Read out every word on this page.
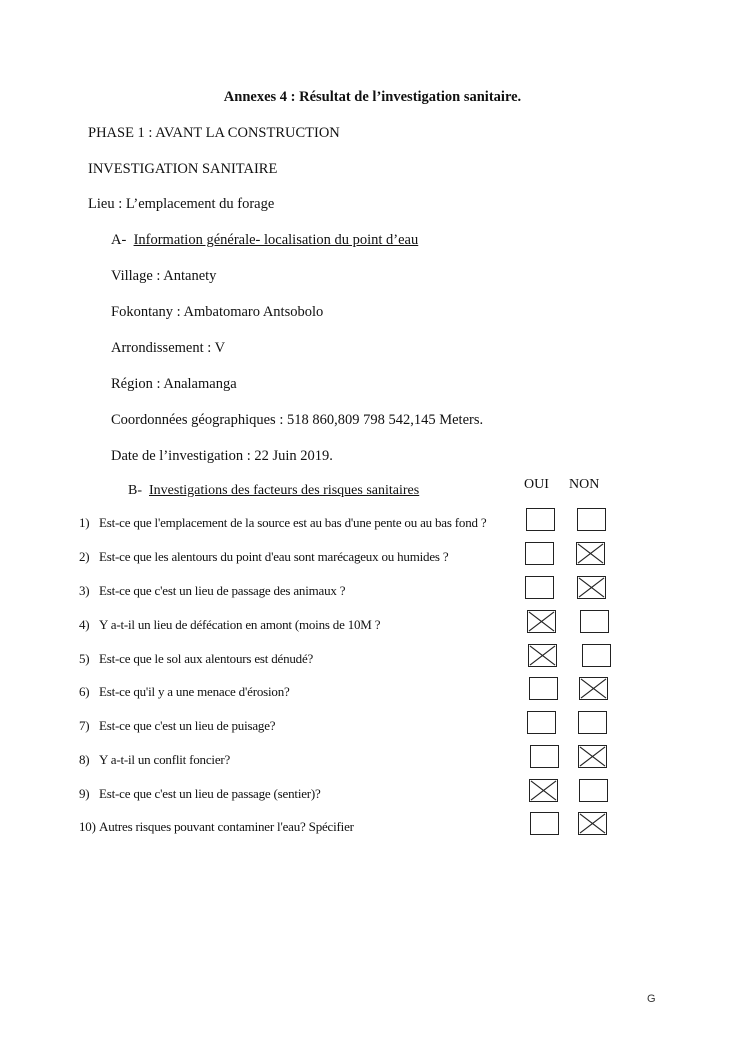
Annexes 4 : Résultat de l’investigation sanitaire.
PHASE 1 : AVANT LA CONSTRUCTION
INVESTIGATION SANITAIRE
Lieu : L’emplacement du forage
A- Information générale- localisation du point d’eau
Village : Antanety
Fokontany : Ambatomaro Antsobolo
Arrondissement : V
Région : Analamanga
Coordonnées géographiques : 518 860,809 798 542,145 Meters.
Date de l’investigation : 22 Juin 2019.
B- Investigations des facteurs des risques sanitaires	OUI NON
1) Est-ce que l'emplacement de la source est au bas d'une pente ou au bas fond ?
2) Est-ce que les alentours du point d'eau sont marécageux ou humides ?
3) Est-ce que c'est un lieu de passage des animaux ?
4) Y a-t-il un lieu de défécation en amont (moins de 10M ?
5) Est-ce que le sol aux alentours est dénudé?
6) Est-ce qu'il y a une menace d'érosion?
7) Est-ce que c'est un lieu de puisage?
8) Y a-t-il un conflit foncier?
9) Est-ce que c'est un lieu de passage (sentier)?
10) Autres risques pouvant contaminer l'eau? Spécifier
G
